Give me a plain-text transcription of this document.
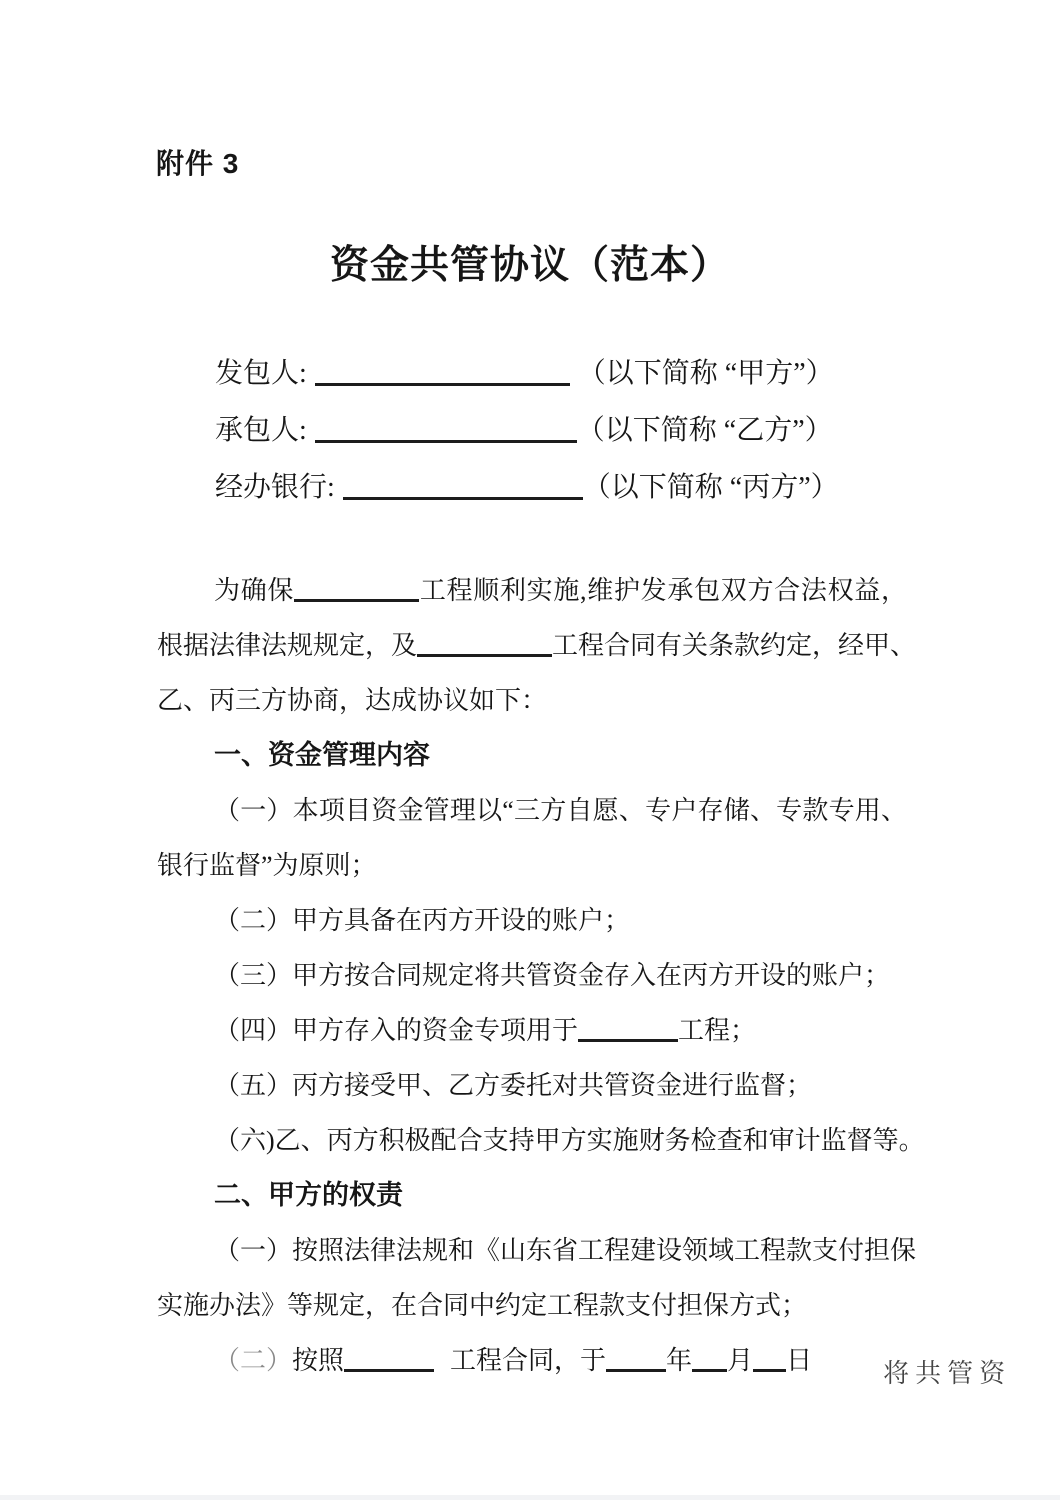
附件 3
资金共管协议（范本）
发包人:	（以下简称 “甲方”）
承包人:	（以下简称 “乙方”）
经办银行:	（以下简称 “丙方”）
为确保	工程顺利实施,维护发承包双方合法权益，
根据法律法规规定，及	工程合同有关条款约定，经甲、
乙、丙三方协商，达成协议如下：
一、资金管理内容
（一）本项目资金管理以“三方自愿、专户存储、专款专用、
银行监督”为原则；
（二）甲方具备在丙方开设的账户；
（三）甲方按合同规定将共管资金存入在丙方开设的账户；
（四）甲方存入的资金专项用于	工程；
（五）丙方接受甲、乙方委托对共管资金进行监督；
（六)乙、丙方积极配合支持甲方实施财务检查和审计监督等。
二、甲方的权责
（一）按照法律法规和《山东省工程建设领域工程款支付担保
实施办法》等规定，在合同中约定工程款支付担保方式；
（二）按照	工程合同，于 年 月 日	将共管资
